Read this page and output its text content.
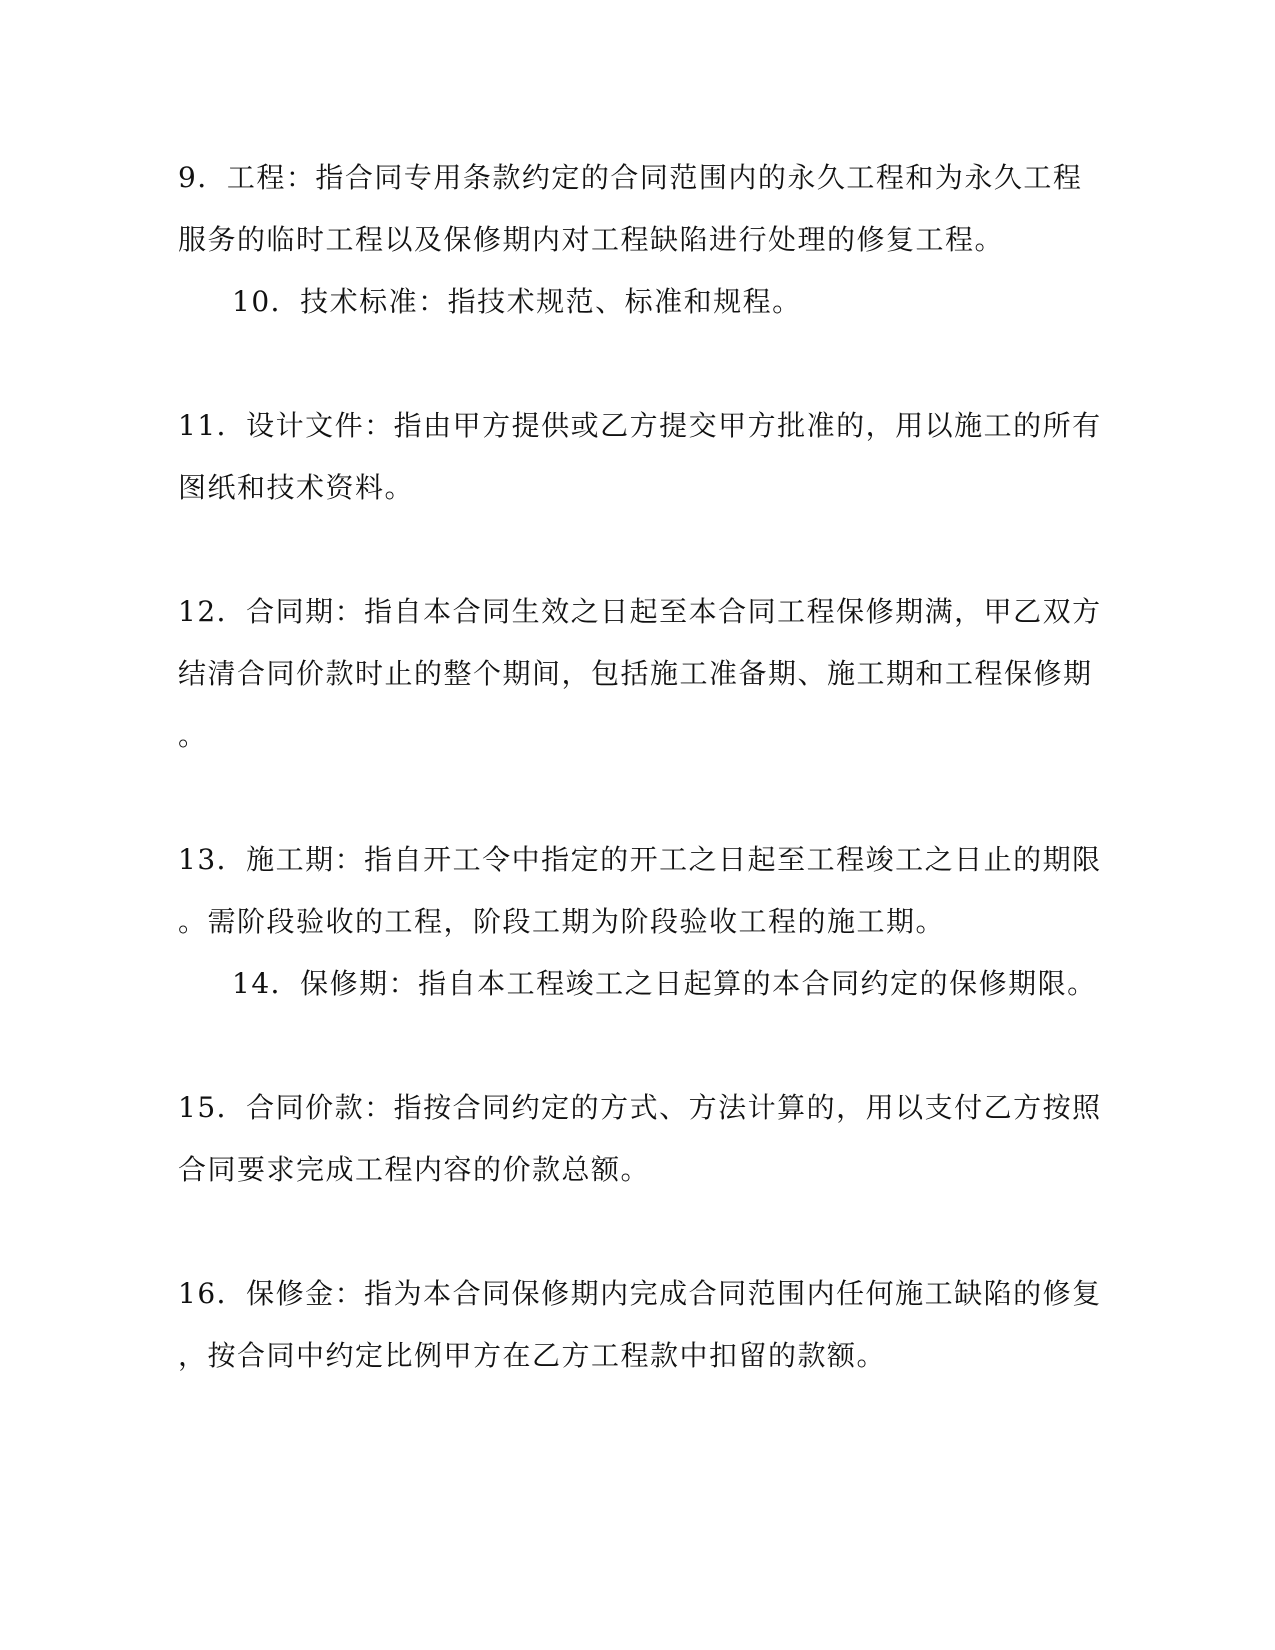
9．工程：指合同专用条款约定的合同范围内的永久工程和为永久工程
服务的临时工程以及保修期内对工程缺陷进行处理的修复工程。
10．技术标准：指技术规范、标准和规程。
11．设计文件：指由甲方提供或乙方提交甲方批准的，用以施工的所有
图纸和技术资料。
12．合同期：指自本合同生效之日起至本合同工程保修期满，甲乙双方
结清合同价款时止的整个期间，包括施工准备期、施工期和工程保修期
。
13．施工期：指自开工令中指定的开工之日起至工程竣工之日止的期限
。需阶段验收的工程，阶段工期为阶段验收工程的施工期。
14．保修期：指自本工程竣工之日起算的本合同约定的保修期限。
15．合同价款：指按合同约定的方式、方法计算的，用以支付乙方按照
合同要求完成工程内容的价款总额。
16．保修金：指为本合同保修期内完成合同范围内任何施工缺陷的修复
，按合同中约定比例甲方在乙方工程款中扣留的款额。
